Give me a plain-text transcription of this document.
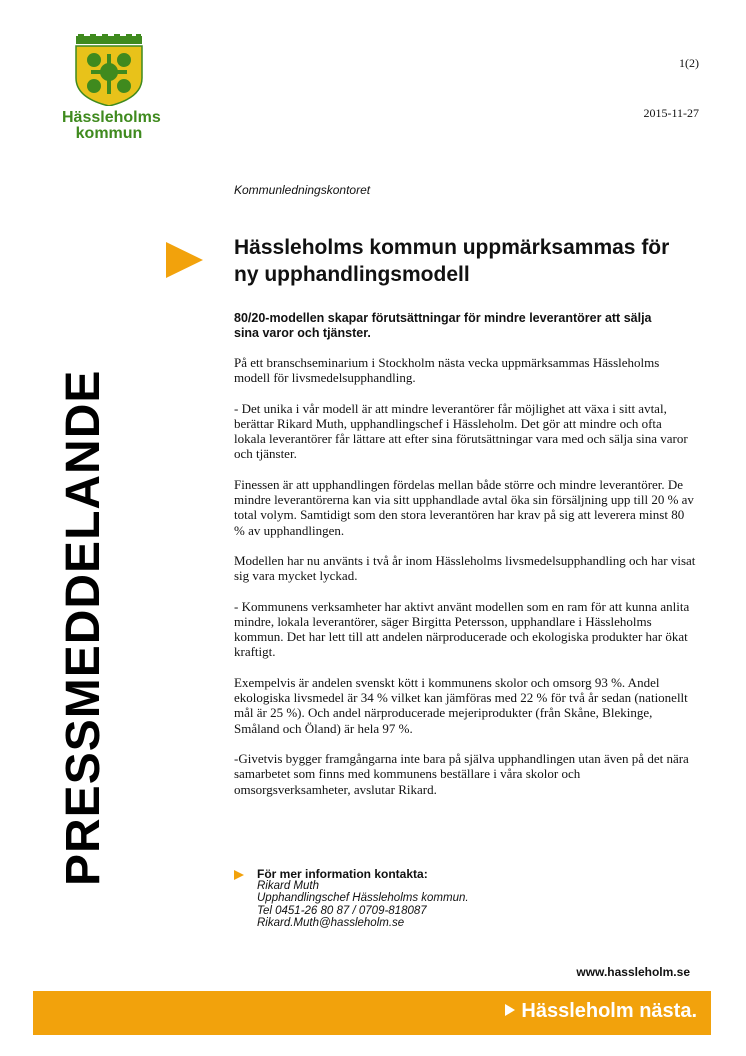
Hässleholms
kommun
1(2)
2015-11-27
Kommunledningskontoret
PRESSMEDDELANDE
Hässleholms kommun uppmärksammas för ny upphandlingsmodell
80/20-modellen skapar förutsättningar för mindre leverantörer att sälja sina varor och tjänster.

På ett branschseminarium i Stockholm nästa vecka uppmärksammas Hässleholms modell för livsmedelsupphandling.

- Det unika i vår modell är att mindre leverantörer får möjlighet att växa i sitt avtal, berättar Rikard Muth, upphandlingschef i Hässleholm. Det gör att mindre och ofta lokala leverantörer får lättare att efter sina förutsättningar vara med och sälja sina varor och tjänster.

Finessen är att upphandlingen fördelas mellan både större och mindre leverantörer. De mindre leverantörerna kan via sitt upphandlade avtal öka sin försäljning upp till 20 % av total volym. Samtidigt som den stora leverantören har krav på sig att leverera minst 80 % av upphandlingen.

Modellen har nu använts i två år inom Hässleholms livsmedelsupphandling och har visat sig vara mycket lyckad.

- Kommunens verksamheter har aktivt använt modellen som en ram för att kunna anlita mindre, lokala leverantörer, säger Birgitta Petersson, upphandlare i Hässleholms kommun. Det har lett till att andelen närproducerade och ekologiska produkter har ökat kraftigt.

Exempelvis är andelen svenskt kött i kommunens skolor och omsorg 93 %. Andel ekologiska livsmedel är 34 % vilket kan jämföras med 22 % för två år sedan (nationellt mål är 25 %). Och andel närproducerade mejeriprodukter (från Skåne, Blekinge, Småland och Öland) är hela 97 %.

-Givetvis bygger framgångarna inte bara på själva upphandlingen utan även på det nära samarbetet som finns med kommunens beställare i våra skolor och omsorgsverksamheter, avslutar Rikard.

För mer information kontakta:
Rikard Muth
Upphandlingschef Hässleholms kommun.
Tel 0451-26 80 87 / 0709-818087
Rikard.Muth@hassleholm.se
www.hassleholm.se
Hässleholm nästa.
